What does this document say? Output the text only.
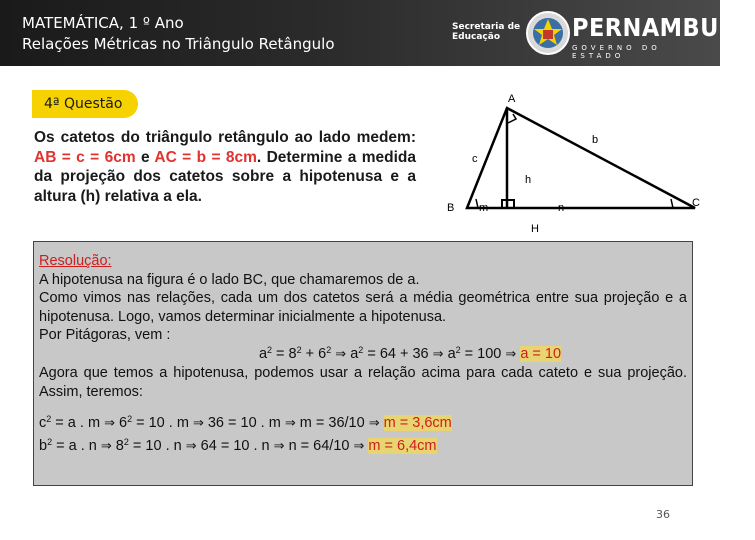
MATEMÁTICA, 1 º Ano
Relações Métricas no Triângulo Retângulo
Secretaria de
Educação	PERNAMBUCO
GOVERNO DO ESTADO
4ª Questão
Os catetos do triângulo retângulo ao lado medem: AB = c = 6cm e AC = b = 8cm. Determine a medida da projeção dos catetos sobre a hipotenusa e a altura (h) relativa a ela.
A
B	C
H
b
c
h
m	n
Resolução:
A hipotenusa na figura é o lado BC, que chamaremos de a.
Como vimos nas relações, cada um dos catetos será a média geométrica entre sua projeção e a hipotenusa. Logo, vamos determinar inicialmente a hipotenusa.
Por Pitágoras, vem :
$a^2 = 8^2 + 6^2$ ⇒ $a^2 = 64 + 36$ ⇒ $a^2 = 100$ ⇒ a = 10
Agora que temos a hipotenusa, podemos usar a relação acima para cada cateto e sua projeção. Assim, teremos:
$c^2 = a$ . m ⇒ $6^2 = 10$ . m ⇒ 36 = 10 . m ⇒ m = 36/10 ⇒ m = 3,6cm
$b^2 = a$ . n ⇒ $8^2 = 10$ . n ⇒ 64 = 10 . n ⇒ n = 64/10 ⇒ m = 6,4cm
36
